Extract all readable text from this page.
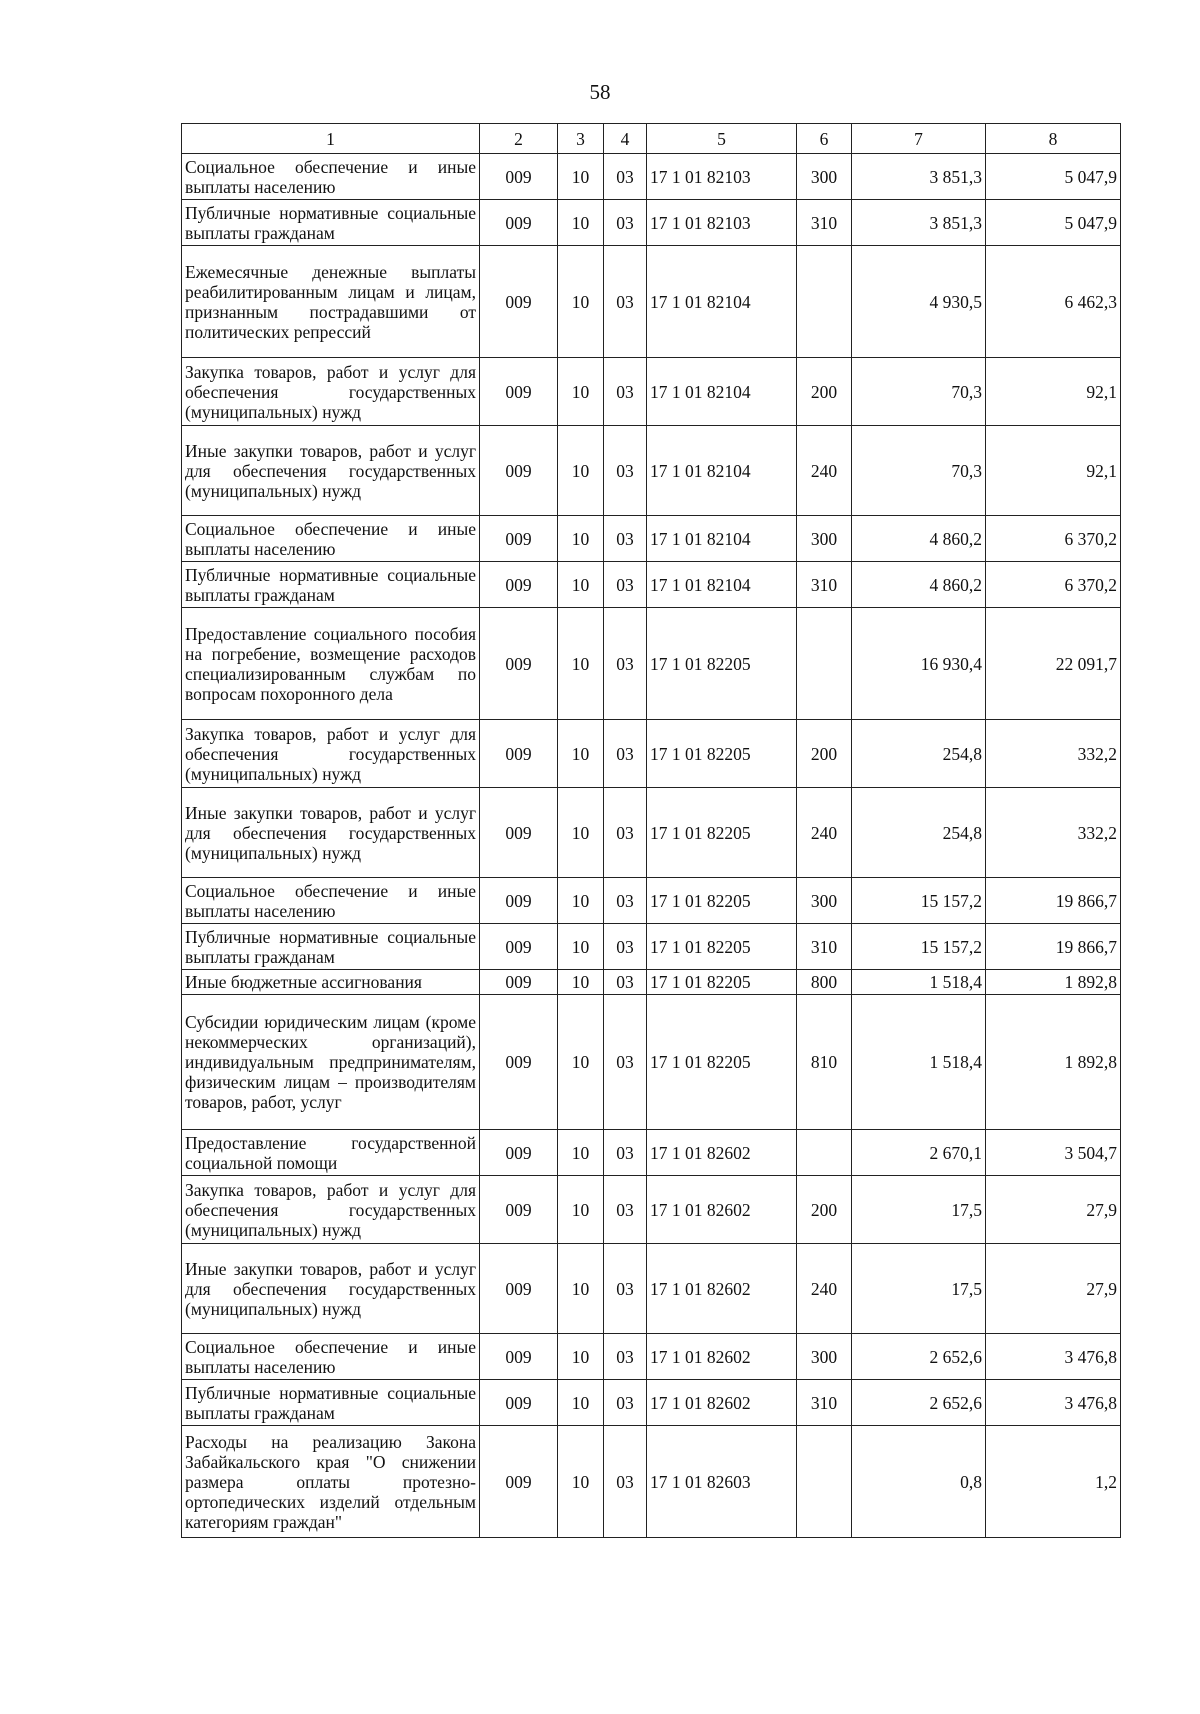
58
1	2	3	4	5	6	7	8
Социальное обеспечение и иные выплаты населению	009	10	03	17 1 01 82103	300	3 851,3	5 047,9
Публичные нормативные социальные выплаты гражданам	009	10	03	17 1 01 82103	310	3 851,3	5 047,9
Ежемесячные денежные выплаты реабилитированным лицам и лицам, признанным пострадавшими от политических репрессий	009	10	03	17 1 01 82104		4 930,5	6 462,3
Закупка товаров, работ и услуг для обеспечения государственных (муниципальных) нужд	009	10	03	17 1 01 82104	200	70,3	92,1
Иные закупки товаров, работ и услуг для обеспечения государственных (муниципальных) нужд	009	10	03	17 1 01 82104	240	70,3	92,1
Социальное обеспечение и иные выплаты населению	009	10	03	17 1 01 82104	300	4 860,2	6 370,2
Публичные нормативные социальные выплаты гражданам	009	10	03	17 1 01 82104	310	4 860,2	6 370,2
Предоставление социального пособия на погребение, возмещение расходов специализированным службам по вопросам похоронного дела	009	10	03	17 1 01 82205		16 930,4	22 091,7
Закупка товаров, работ и услуг для обеспечения государственных (муниципальных) нужд	009	10	03	17 1 01 82205	200	254,8	332,2
Иные закупки товаров, работ и услуг для обеспечения государственных (муниципальных) нужд	009	10	03	17 1 01 82205	240	254,8	332,2
Социальное обеспечение и иные выплаты населению	009	10	03	17 1 01 82205	300	15 157,2	19 866,7
Публичные нормативные социальные выплаты гражданам	009	10	03	17 1 01 82205	310	15 157,2	19 866,7
Иные бюджетные ассигнования	009	10	03	17 1 01 82205	800	1 518,4	1 892,8
Субсидии юридическим лицам (кроме некоммерческих организаций), индивидуальным предпринимателям, физическим лицам – производителям товаров, работ, услуг	009	10	03	17 1 01 82205	810	1 518,4	1 892,8
Предоставление государственной социальной помощи	009	10	03	17 1 01 82602		2 670,1	3 504,7
Закупка товаров, работ и услуг для обеспечения государственных (муниципальных) нужд	009	10	03	17 1 01 82602	200	17,5	27,9
Иные закупки товаров, работ и услуг для обеспечения государственных (муниципальных) нужд	009	10	03	17 1 01 82602	240	17,5	27,9
Социальное обеспечение и иные выплаты населению	009	10	03	17 1 01 82602	300	2 652,6	3 476,8
Публичные нормативные социальные выплаты гражданам	009	10	03	17 1 01 82602	310	2 652,6	3 476,8
Расходы на реализацию Закона Забайкальского края "О снижении размера оплаты протезно-ортопедических изделий отдельным категориям граждан"	009	10	03	17 1 01 82603		0,8	1,2
